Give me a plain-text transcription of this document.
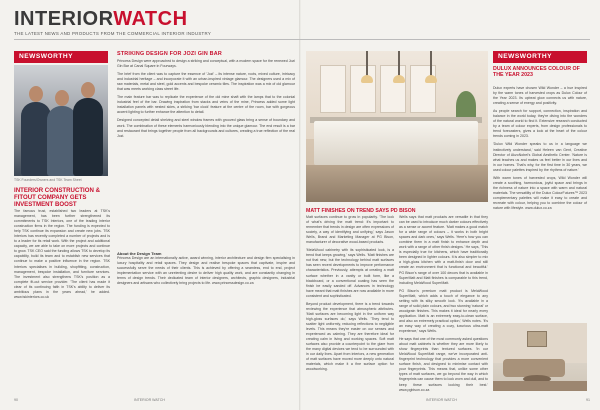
INTERIORWATCH
THE LATEST NEWS AND PRODUCTS FROM THE COMMERCIAL INTERIOR INDUSTRY
NEWSWORTHY
TSK Founders/Owners and TSK Team Sheet
INTERIOR CONSTRUCTION & FITOUT COMPANY GETS INVESTMENT BOOST
The famous trust, established two leaders at TSK's management, has been further strengthened its commitments to TSK Interiors, one of the leading interior construction firms in the region. The funding is expected to help TSK continue its expansion and create new jobs. TSK Interiors has recently completed a number of projects and is to a leader for its retail work. With the project and additional capacity, we are able to take on more projects and continue to grow. TSK CEO said the funding allows TSK to develop its capability, build its team and to establish new services that continue to make a positive influence in the region. TSK Interiors specialises in building, shopfitting, construction, management, bespoke installation, and furniture services. The investment also strengthens TSK's position as a complete fit-out service provider. 'The client has made it clear of its continuing faith in TSK's ability to deliver its ambitious plans in the years ahead,' he added. www.tskinteriors.co.uk
STRIKING DESIGN FOR JOZI GIN BAR

Princess Design were approached to design a striking and conceptual, with a modern space for the renewed Jozi Gin Bar at Canal Square in Fourways.

The brief from the client was to capture the essence of 'Jozi' – its intense nature, roots, mixed culture, intricacy and industrial heritage – and incorporate it with an urban-inspired vintage glamour. The designers used a mix of raw materials, metal and steel, gold accents and bespoke ceramic tiles. The inspiration was a mix of old glamour that was meets working class street life.

The main feature bar was to replicate the experience of the old mine shaft with the lamps that to the colonial industrial feel of the bar. Drawing inspiration from stacks and veins of the mine, Princess added some light installation panels with nested skies, a striking 'bar clock' feature at the centre of the room, bar with gorgeous accent lighting to further enhance the attention to detail.

Designed concepted detail shelving and steel window frames with grooved glass bring a sense of boundary and work. The combination of these elements harmoniously blending into the unique glamour. The end result is a bar and restaurant that brings together people from all backgrounds and cultures, creating a true reflection of the real Jozi.

About the Design Team
Princess Design are an internationally active, award winning, interior architecture and design firm specialising in luxury hospitality and retail spaces. They design and realise bespoke spaces that captivate, inspire and successfully serve the needs of their clients. This is achieved by offering a seamless, end to end, project implementation service with an unrelenting desire to deliver high quality work, and are constantly changing in terms of design trends. Their dedicated team of interior designers, architects, graphic designers, industrial designers and artisans who collectively bring projects to life. www.princessdesign.co.za
MATT FINISHES ON TREND SAYS PD BISON

Matt surfaces continue to grow in popularity. 'The look of what's driving the matt trend: it's important to remember that trends in design are often expressions of society, a way of identifying and unifying,' says Jason Wells, Brand and Marketing Manager at PG Bison, manufacturer of decorative wood-based products.

'MelaWood cabinetry with its sophisticated look, is a trend that keeps growing,' says Wells. 'Matt finishes are not that new, but the technology behind matt surfaces has seen recent developments to improve performance characteristics. Previously, attempts at creating a matt surface whether in a vanity or built form, like a blackboard, or a conventional coating has seen the finish be easily sanded off. Advances in technology have meant that matt finishes are now available in more consistent and sophisticated.

Beyond product development, there is a trend towards reviewing the experience that atmospheric attributes. 'Matt surfaces are becoming light in the uniform way high-gloss surfaces do,' says Wells. 'They tend to scatter light uniformly, reducing reflections to negligible levels. This means they're easier on our senses and experienced as calming. They are therefore ideal for creating calm in living and working spaces. Soft matt surfaces also provide a counterpoint to the glare from the many digital devices we tend to be surrounded with in our daily lives. Apart from interiors, a new generation of matt surfaces have moved more deeply onto natural materials, which make it a fine surface option for woodworking.

Wells says that matt products are versatile in that they can be used to introduce much darker colours effectively as a sense or accent feature. 'Matt makes a good match for a wide range of colours – it works in both bright spaces and dark ones,' says Wells. 'Here's how you can combine them in a matt finish to enhance depth and work with a range of other finish designs.' He says, 'This is especially true for kitchens, which have traditionally been designed in lighter colours. It is also simpler to mix a high-gloss kitchen with a matt-finish door and still create an environment that is functional and beautiful.' PG Bison's range of over 100 decors that is available in SuperMatt and Matt finishes is comparable to this trend, including MelaWood SuperMatt.

PG Bison's premium matt product is MelaWood SuperMatt, which adds a touch of elegance to any setting with its silky smooth look. 'It's available in a range of solid plain colours, and two stunning 'natural' or woodgrain finishes. This makes it ideal for nearly every application. Matt is an extremely easy-to-clean surface, and also an extremely practical option,' Wells notes. 'It's an easy way of creating a cozy, luxurious ultra-matt experience,' says Wells.

He says that one of the most commonly asked questions about matt cabinets is whether they are more likely to show fingerprints than textured surfaces. 'In our MelaWood SuperMatt range, we've incorporated anti-fingerprint technology that provides a more convenient surface finish, and designed to minimise contact with your fingerprints. This means that, unlike some other types of matt surfaces, we go beyond the way in which fingerprints can cause them to look worn and dull, and to keep these surfaces looking their best.' www.pgbison.co.za

NEWSWORTHY
DULUX ANNOUNCES COLOUR OF THE YEAR 2023

Dulux experts have chosen Wild Wonder – a hue inspired by the warm tones of harvested crops as Dulux Colour of the Year 2023. Its upbeat glow connects us with nature, creating a sense of energy and positivity.

As people search for support, connection, inspiration and balance in the world today, they're diving into the wonders of the natural world to find it. Extensive research conducted by a team of colour experts, from design professionals to trend forecasters, gives a look at the heart of the colour trends coming in 2023.

'Dulux Wild Wonder speaks to us in a language we instinctively understand,' said Heleen van Gent, Creative Director of AkzoNobel's Global Aesthetic Center. 'Nature is what teaches us and makes us feel better in our lives and in our homes. That's why, for the first time in 30 years, we used colour palettes inspired by the rhythms of nature.'

With warm tones of harvested crops, Wild Wonder will create a soothing, harmonious, joyful space and brings in the richness of nature into a space with warm and natural materials. The versatility of the Dulux ColourFutures™ 2023 complementary palettes will make it easy to create and recreate with colour, helping you to combine the colour of nature with lifestyle. www.dulux.co.za

90	INTERIOR WATCH	INTERIOR WATCH	91
